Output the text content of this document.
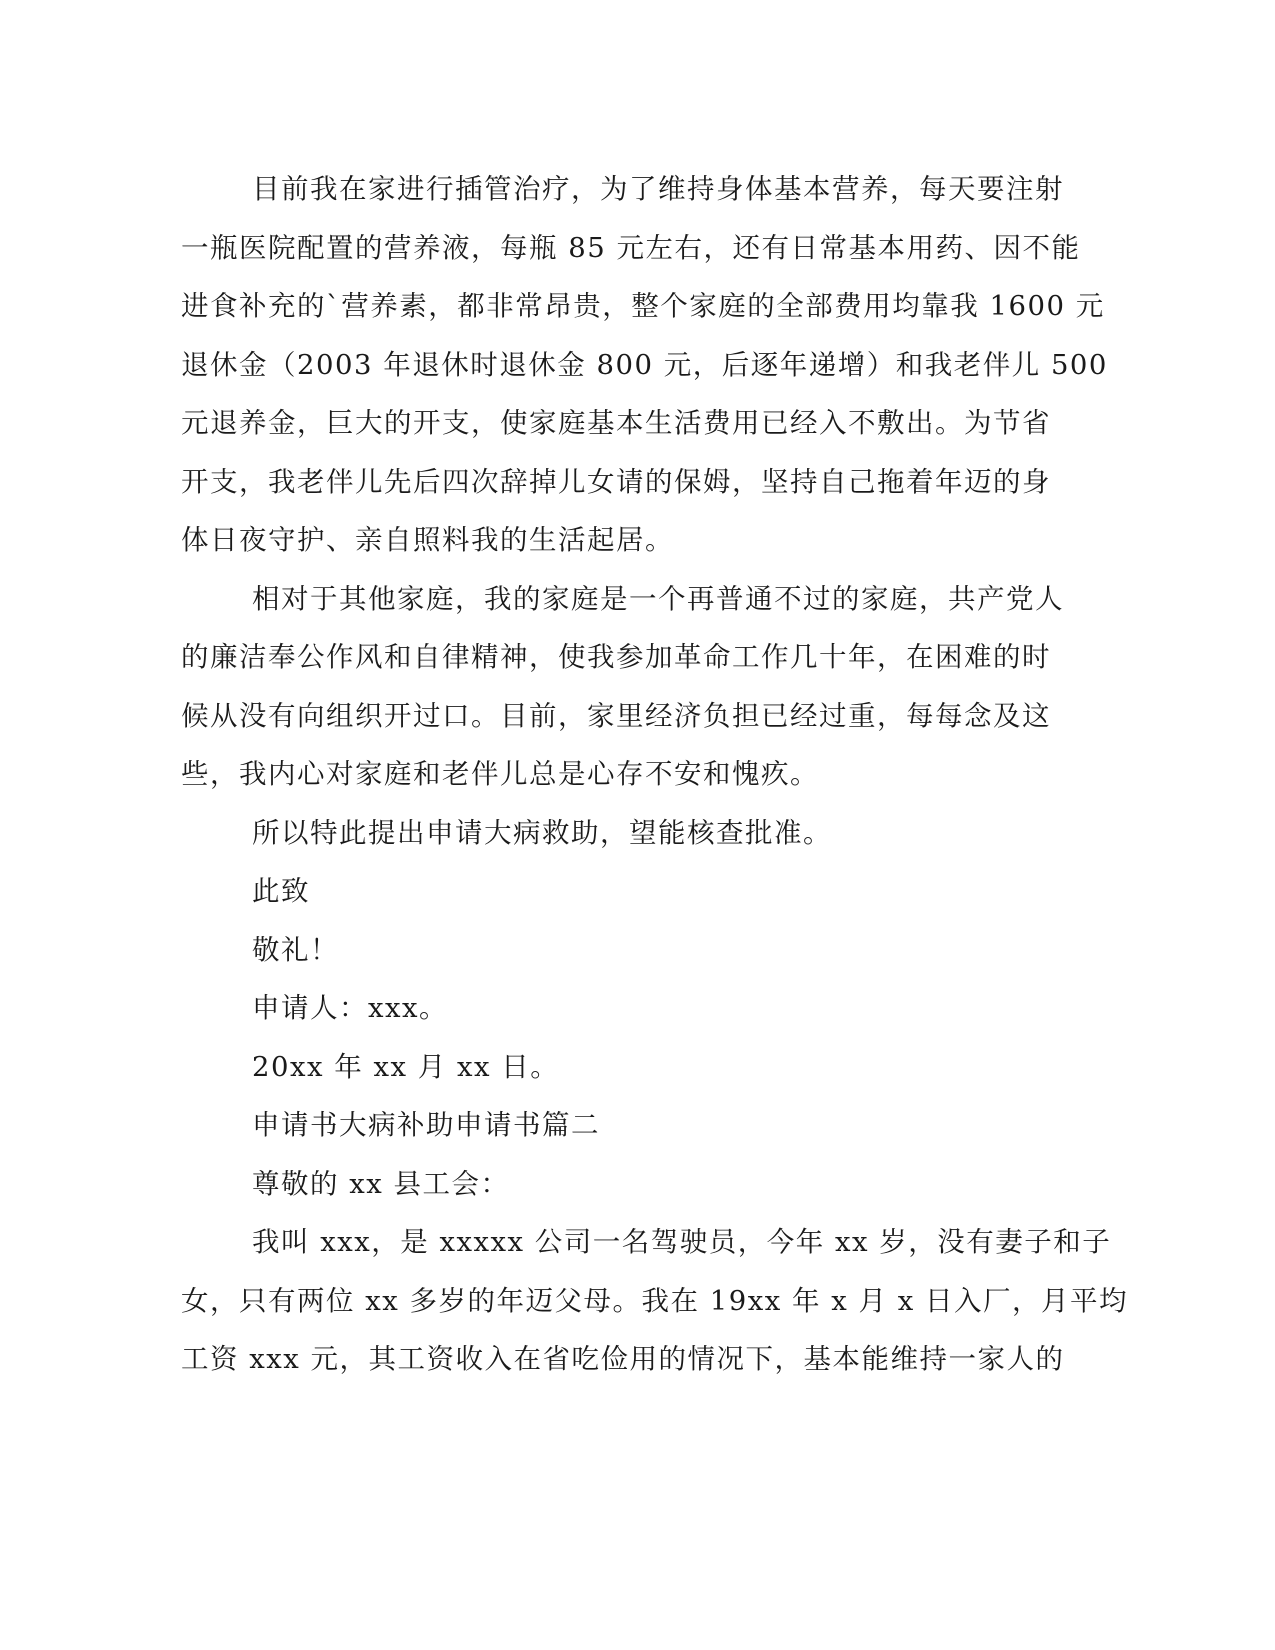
目前我在家进行插管治疗，为了维持身体基本营养，每天要注射
一瓶医院配置的营养液，每瓶 85 元左右，还有日常基本用药、因不能
进食补充的`营养素，都非常昂贵，整个家庭的全部费用均靠我 1600 元
退休金（2003 年退休时退休金 800 元，后逐年递增）和我老伴儿 500
元退养金，巨大的开支，使家庭基本生活费用已经入不敷出。为节省
开支，我老伴儿先后四次辞掉儿女请的保姆，坚持自己拖着年迈的身
体日夜守护、亲自照料我的生活起居。
相对于其他家庭，我的家庭是一个再普通不过的家庭，共产党人
的廉洁奉公作风和自律精神，使我参加革命工作几十年，在困难的时
候从没有向组织开过口。目前，家里经济负担已经过重，每每念及这
些，我内心对家庭和老伴儿总是心存不安和愧疚。
所以特此提出申请大病救助，望能核查批准。
此致
敬礼！
申请人：xxx。
20xx 年 xx 月 xx 日。
申请书大病补助申请书篇二
尊敬的 xx 县工会：
我叫 xxx，是 xxxxx 公司一名驾驶员，今年 xx 岁，没有妻子和子
女，只有两位 xx 多岁的年迈父母。我在 19xx 年 x 月 x 日入厂，月平均
工资 xxx 元，其工资收入在省吃俭用的情况下，基本能维持一家人的
